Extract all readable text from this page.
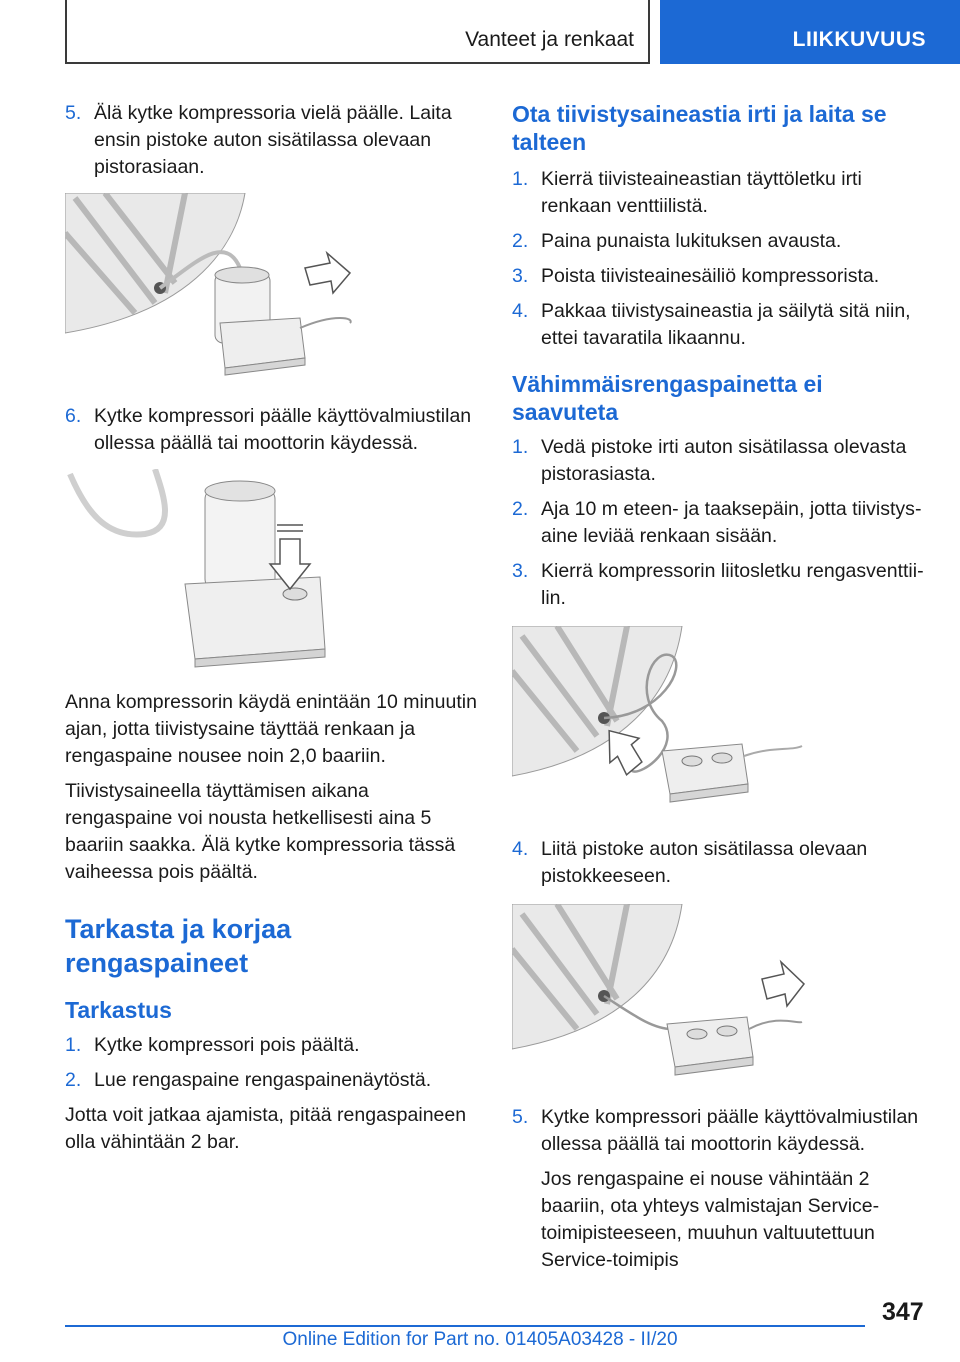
Vanteet ja renkaat	LIIKKUVUUS
5. Älä kytke kompressoria vielä päälle. Laita ensin pistoke auton sisätilassa olevaan pistorasiaan.
6. Kytke kompressori päälle käyttövalmiustilan ollessa päällä tai moottorin käydessä.
Anna kompressorin käydä enintään 10 minuutin ajan, jotta tiivistysaine täyttää renkaan ja rengaspaine nousee noin 2,0 baariin.
Tiivistysaineella täyttämisen aikana rengaspaine voi nousta hetkellisesti aina 5 baariin saakka. Älä kytke kompressoria tässä vaiheessa pois päältä.
Tarkasta ja korjaa rengaspaineet
Tarkastus
1. Kytke kompressori pois päältä.
2. Lue rengaspaine rengaspainenäytöstä.
Jotta voit jatkaa ajamista, pitää rengaspaineen olla vähintään 2 bar.
Ota tiivistysaineastia irti ja laita se talteen
1. Kierrä tiivisteaineastian täyttöletku irti renkaan venttiilistä.
2. Paina punaista lukituksen avausta.
3. Poista tiivisteainesäiliö kompressorista.
4. Pakkaa tiivistysaineastia ja säilytä sitä niin, ettei tavaratila likaannu.
Vähimmäisrengaspainetta ei saavuteta
1. Vedä pistoke irti auton sisätilassa olevasta pistorasiasta.
2. Aja 10 m eteen- ja taaksepäin, jotta tiivistysaine leviää renkaan sisään.
3. Kierrä kompressorin liitosletku rengasventtiilin.
4. Liitä pistoke auton sisätilassa olevaan pistokkeeseen.
5. Kytke kompressori päälle käyttövalmiustilan ollessa päällä tai moottorin käydessä.
Jos rengaspaine ei nouse vähintään 2 baariin, ota yhteys valmistajan Service-toimipisteeseen, muuhun valtuutettuun Service-toimipis
347
Online Edition for Part no. 01405A03428 - II/20
